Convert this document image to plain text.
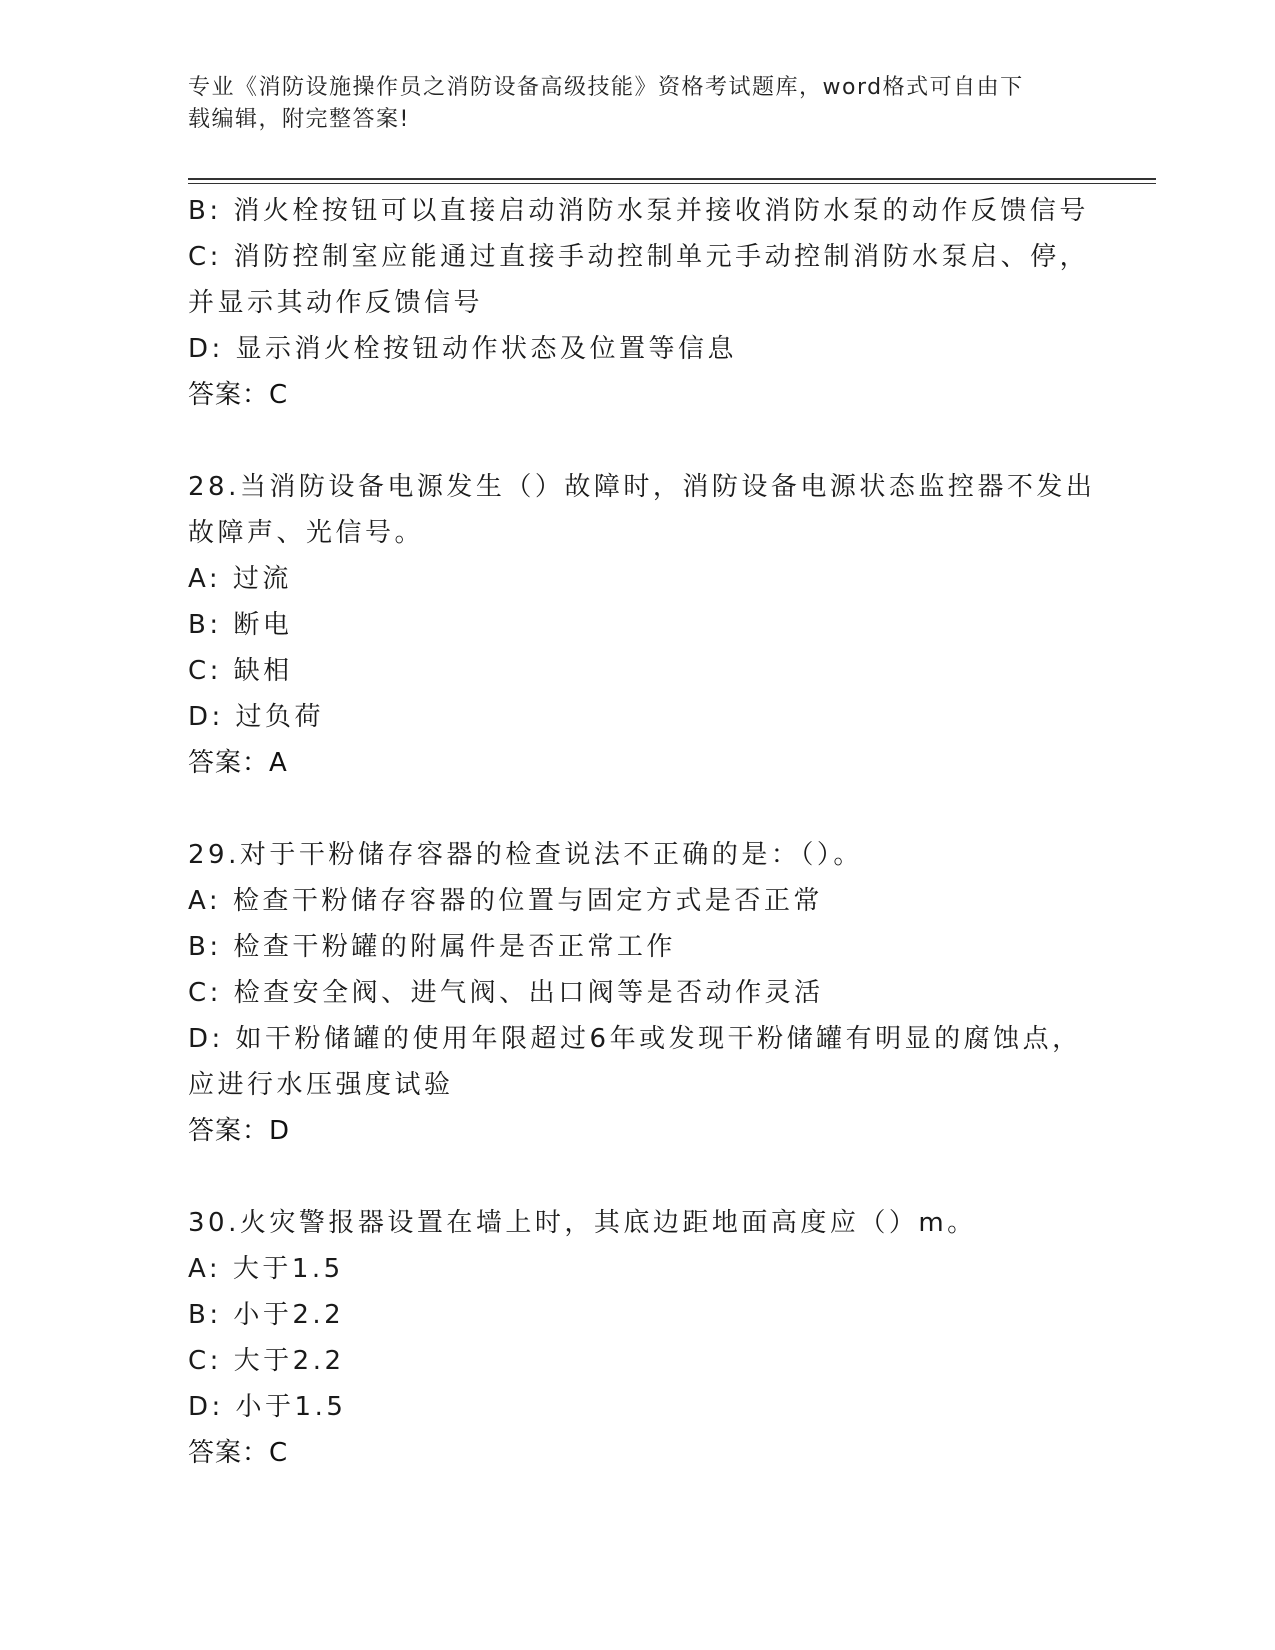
专业《消防设施操作员之消防设备高级技能》资格考试题库，word格式可自由下
载编辑，附完整答案!
B: 消火栓按钮可以直接启动消防水泵并接收消防水泵的动作反馈信号
C: 消防控制室应能通过直接手动控制单元手动控制消防水泵启、停，
并显示其动作反馈信号
D: 显示消火栓按钮动作状态及位置等信息
答案：C
28.当消防设备电源发生（）故障时，消防设备电源状态监控器不发出
故障声、光信号。
A: 过流
B: 断电
C: 缺相
D: 过负荷
答案：A
29.对于干粉储存容器的检查说法不正确的是：（）。
A: 检查干粉储存容器的位置与固定方式是否正常
B: 检查干粉罐的附属件是否正常工作
C: 检查安全阀、进气阀、出口阀等是否动作灵活
D: 如干粉储罐的使用年限超过6年或发现干粉储罐有明显的腐蚀点，
应进行水压强度试验
答案：D
30.火灾警报器设置在墙上时，其底边距地面高度应（）m。
A: 大于1.5
B: 小于2.2
C: 大于2.2
D: 小于1.5
答案：C
